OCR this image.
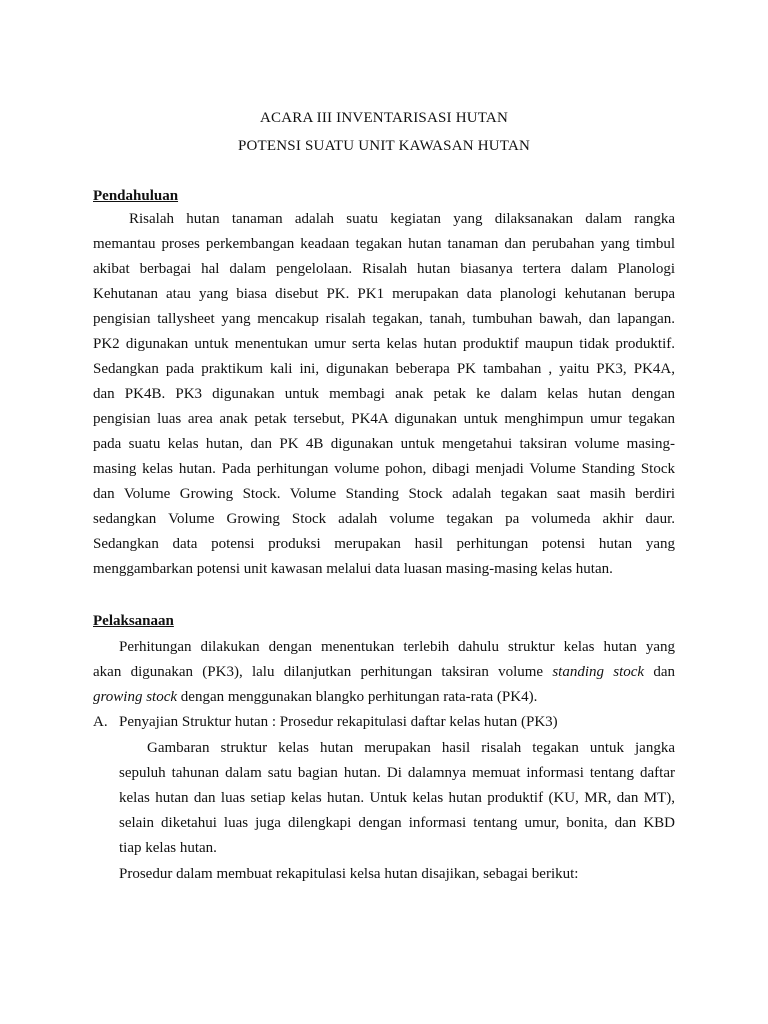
ACARA III INVENTARISASI HUTAN
POTENSI SUATU UNIT KAWASAN HUTAN
Pendahuluan
Risalah hutan tanaman adalah suatu kegiatan yang dilaksanakan dalam rangka
memantau proses perkembangan keadaan tegakan hutan tanaman dan perubahan yang timbul
akibat berbagai hal dalam pengelolaan. Risalah hutan biasanya tertera dalam Planologi
Kehutanan atau yang biasa disebut PK. PK1 merupakan data planologi kehutanan berupa
pengisian tallysheet yang mencakup risalah tegakan, tanah, tumbuhan bawah, dan lapangan.
PK2 digunakan untuk menentukan umur serta kelas hutan produktif maupun tidak produktif.
Sedangkan pada praktikum kali ini, digunakan beberapa PK tambahan , yaitu PK3, PK4A,
dan PK4B. PK3 digunakan untuk membagi anak petak ke dalam kelas hutan dengan
pengisian luas area anak petak tersebut, PK4A digunakan untuk menghimpun umur tegakan
pada suatu kelas hutan, dan PK 4B digunakan untuk mengetahui taksiran volume masing-
masing kelas hutan. Pada perhitungan volume pohon, dibagi menjadi Volume Standing Stock
dan Volume Growing Stock. Volume Standing Stock adalah tegakan saat masih berdiri
sedangkan Volume Growing Stock adalah volume tegakan pa volumeda akhir daur.
Sedangkan data potensi produksi merupakan hasil perhitungan potensi hutan yang
menggambarkan potensi unit kawasan melalui data luasan masing-masing kelas hutan.
Pelaksanaan
Perhitungan dilakukan dengan menentukan terlebih dahulu struktur kelas hutan yang
akan digunakan (PK3), lalu dilanjutkan perhitungan taksiran volume standing stock dan
growing stock dengan menggunakan blangko perhitungan rata-rata (PK4).
A. Penyajian Struktur hutan : Prosedur rekapitulasi daftar kelas hutan (PK3)
Gambaran struktur kelas hutan merupakan hasil risalah tegakan untuk jangka
sepuluh tahunan dalam satu bagian hutan. Di dalamnya memuat informasi tentang daftar
kelas hutan dan luas setiap kelas hutan. Untuk kelas hutan produktif (KU, MR, dan MT),
selain diketahui luas juga dilengkapi dengan informasi tentang umur, bonita, dan KBD
tiap kelas hutan.
Prosedur dalam membuat rekapitulasi kelsa hutan disajikan, sebagai berikut:
